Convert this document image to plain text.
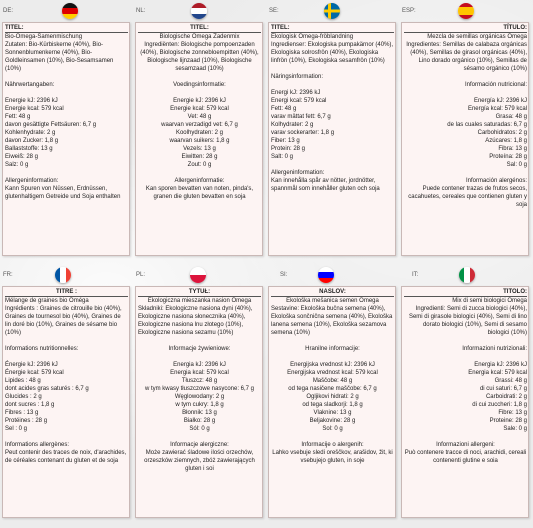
DE:
TITEL:
Bio-Omega-Samenmischung
Zutaten: Bio-Kürbiskerne (40%), Bio-Sonnenblumenkerne (40%), Bio-Goldleinsamen (10%), Bio-Sesamsamen (10%)
Nährwertangaben:
Energie kJ: 2396 kJ
Energie kcal: 579 kcal
Fett: 48 g
davon gesättigte Fettsäuren: 6,7 g
Kohlenhydrate: 2 g
davon Zucker: 1,8 g
Ballaststoffe: 13 g
Eiweiß: 28 g
Salz: 0 g
Allergeninformation:
Kann Spuren von Nüssen, Erdnüssen, glutenhaltigem Getreide und Soja enthalten
NL:
TITEL:
Biologische Omega Zadenmix
Ingrediënten: Biologische pompoenzaden (40%), Biologische zonnebloempitten (40%), Biologische lijnzaad (10%), Biologische sesamzaad (10%)
Voedingsinformatie:
Energie kJ: 2396 kJ
Energie kcal: 579 kcal
Vet: 48 g
waarvan verzadigd vet: 6,7 g
Koolhydraten: 2 g
waarvan suikers: 1,8 g
Vezels: 13 g
Eiwitten: 28 g
Zout: 0 g
Allergeninformatie:
Kan sporen bevatten van noten, pinda's, granen die gluten bevatten en soja
SE:
TITEL:
Ekologisk Omega-fröblandning
Ingredienser: Ekologiska pumpakärnor (40%), Ekologiska solrosfrön (40%), Ekologiska linfrön (10%), Ekologiska sesamfrön (10%)
Näringsinformation:
Energi kJ: 2396 kJ
Energi kcal: 579 kcal
Fett: 48 g
varav mättat fett: 6,7 g
Kolhydrater: 2 g
varav sockerarter: 1,8 g
Fiber: 13 g
Protein: 28 g
Salt: 0 g
Allergeninformation:
Kan innehålla spår av nötter, jordnötter, spannmål som innehåller gluten och soja
ESP:
TÍTULO:
Mezcla de semillas orgánicas Omega
Ingredientes: Semillas de calabaza orgánicas (40%), Semillas de girasol orgánicas (40%), Lino dorado orgánico (10%), Semillas de sésamo orgánico (10%)
Información nutricional:
Energía kJ: 2396 kJ
Energía kcal: 579 kcal
Grasa: 48 g
de las cuales saturadas: 6,7 g
Carbohidratos: 2 g
Azúcares: 1,8 g
Fibra: 13 g
Proteína: 28 g
Sal: 0 g
Información alergénos:
Puede contener trazas de frutos secos, cacahuetes, cereales que contienen gluten y soja
FR:
TITRE :
Mélange de graines bio Oméga
Ingrédients : Graines de citrouille bio (40%), Graines de tournesol bio (40%), Graines de lin doré bio (10%), Graines de sésame bio (10%)
Informations nutritionnelles:
Énergie kJ: 2396 kJ
Énergie kcal: 579 kcal
Lipides : 48 g
dont acides gras saturés : 6,7 g
Glucides : 2 g
dont sucres : 1,8 g
Fibres : 13 g
Protéines : 28 g
Sel : 0 g
Informations allergènes:
Peut contenir des traces de noix, d'arachides, de céréales contenant du gluten et de soja
PL:
TYTUŁ:
Ekologiczna mieszanka nasion Omega
Składniki: Ekologiczne nasiona dyni (40%), Ekologiczne nasiona słonecznika (40%), Ekologiczne nasiona lnu złotego (10%), Ekologiczne nasiona sezamu (10%)
Informacje żywieniowe:
Energia kJ: 2396 kJ
Energia kcal: 579 kcal
Tłuszcz: 48 g
w tym kwasy tłuszczowe nasycone: 6,7 g
Węglowodany: 2 g
w tym cukry: 1,8 g
Błonnik: 13 g
Białko: 28 g
Sól: 0 g
Informacje alergiczne:
Może zawierać śladowe ilości orzechów, orzeszków ziemnych, zbóż zawierających gluten i soi
SI:
NASLOV:
Ekološka mešanica semen Omega
Sestavine: Ekološka bučna semena (40%), Ekološka sončnična semena (40%), Ekološka lanena semena (10%), Ekološka sezamova semena (10%)
Hranilne informacije:
Energijska vrednost kJ: 2396 kJ
Energijska vrednost kcal: 579 kcal
Maščobe: 48 g
od tega nasičene maščobe: 6,7 g
Ogljikovi hidrati: 2 g
od tega sladkorji: 1,8 g
Vlaknine: 13 g
Beljakovine: 28 g
Sol: 0 g
Informacije o alergenih:
Lahko vsebuje sledi oreščkov, arašidov, žit, ki vsebujejo gluten, in soje
IT:
TITOLO:
Mix di semi biologici Omega
Ingredienti: Semi di zucca biologici (40%), Semi di girasole biologici (40%), Semi di lino dorato biologici (10%), Semi di sesamo biologici (10%)
Informazioni nutrizionali:
Energia kJ: 2396 kJ
Energia kcal: 579 kcal
Grassi: 48 g
di cui saturi: 6,7 g
Carboidrati: 2 g
di cui zuccheri: 1,8 g
Fibre: 13 g
Proteine: 28 g
Sale: 0 g
Informazioni allergeni:
Può contenere tracce di noci, arachidi, cereali contenenti glutine e soia
